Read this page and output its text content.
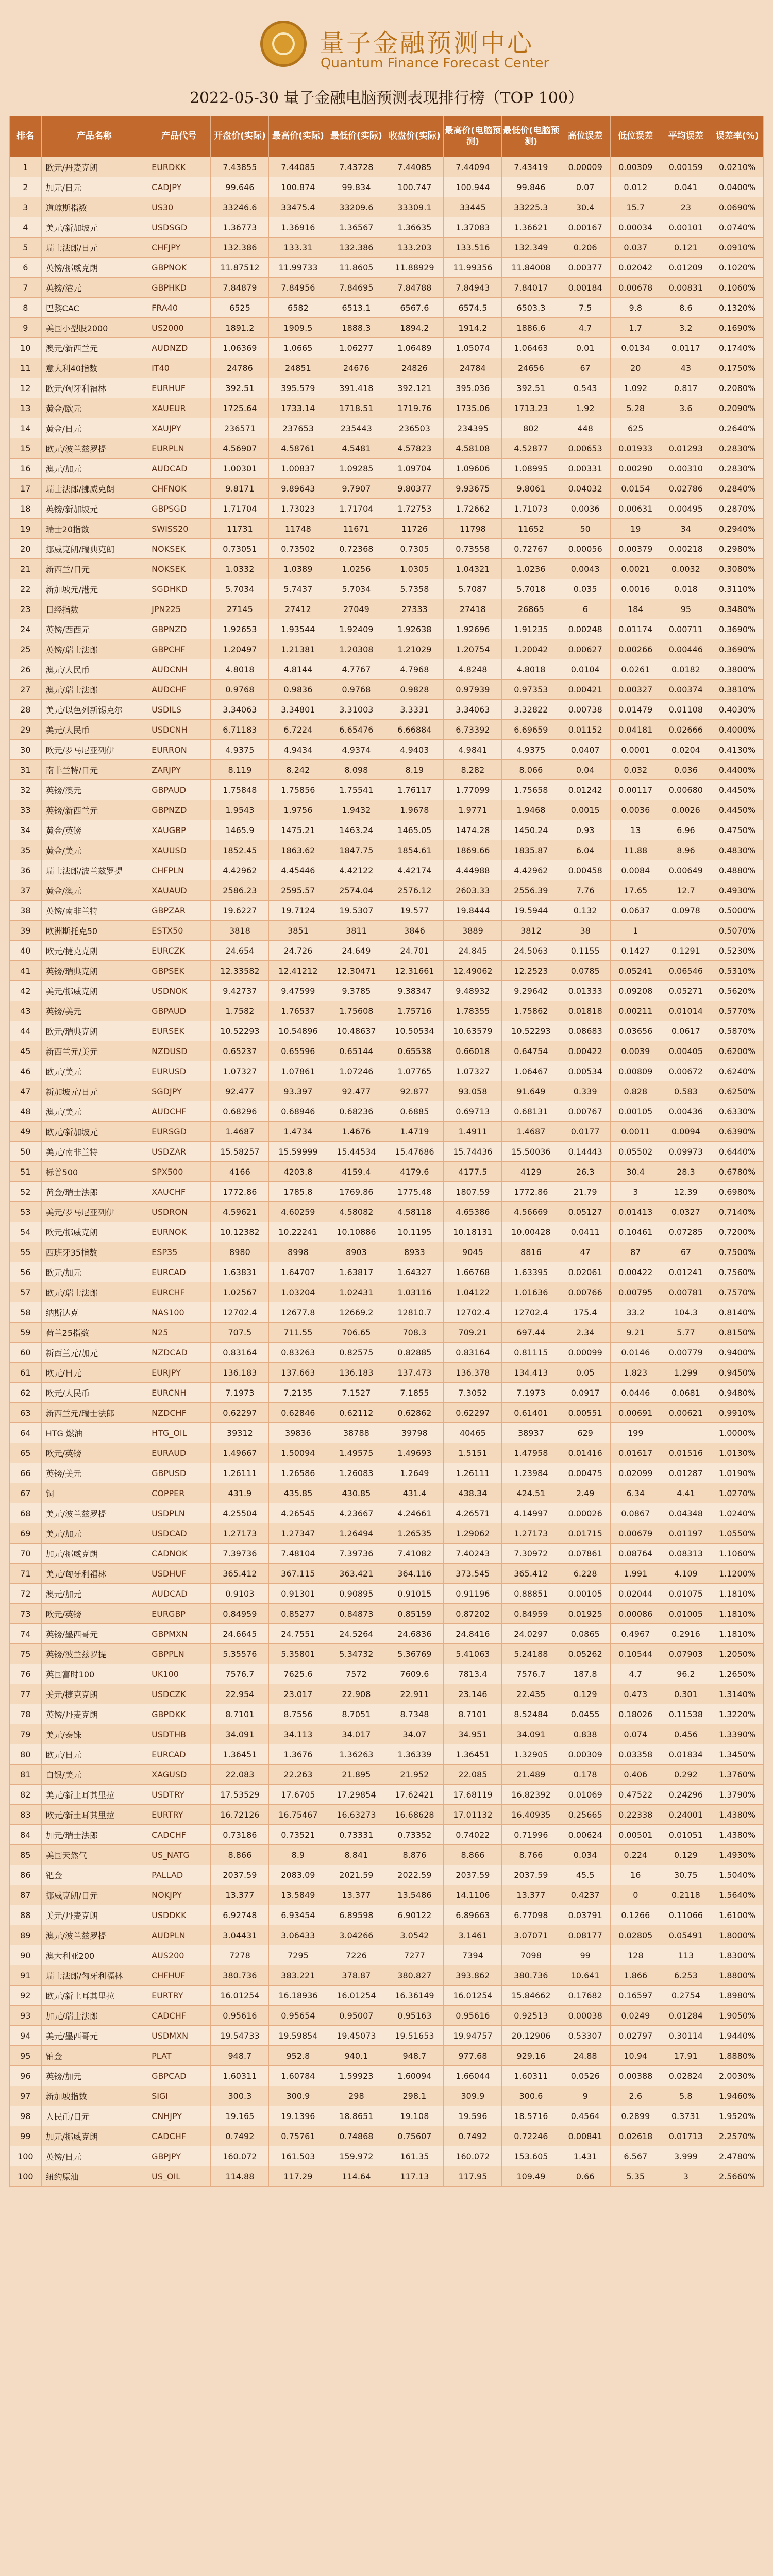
量子金融预测中心
Quantum Finance Forecast Center
2022-05-30 量子金融电脑预测表现排行榜（TOP 100）
排名	产品名称	产品代号	开盘价(实际)	最高价(实际)	最低价(实际)	收盘价(实际)	最高价(电脑预测)	最低价(电脑预测)	高位误差	低位误差	平均误差	误差率(%)
1	欧元/丹麦克朗	EURDKK	7.43855	7.44085	7.43728	7.44085	7.44094	7.43419	0.00009	0.00309	0.00159	0.0210%
2	加元/日元	CADJPY	99.646	100.874	99.834	100.747	100.944	99.846	0.07	0.012	0.041	0.0400%
3	道琼斯指数	US30	33246.6	33475.4	33209.6	33309.1	33445	33225.3	30.4	15.7	23	0.0690%
4	美元/新加坡元	USDSGD	1.36773	1.36916	1.36567	1.36635	1.37083	1.36621	0.00167	0.00034	0.00101	0.0740%
5	瑞士法郎/日元	CHFJPY	132.386	133.31	132.386	133.203	133.516	132.349	0.206	0.037	0.121	0.0910%
6	英镑/挪威克朗	GBPNOK	11.87512	11.99733	11.8605	11.88929	11.99356	11.84008	0.00377	0.02042	0.01209	0.1020%
7	英镑/港元	GBPHKD	7.84879	7.84956	7.84695	7.84788	7.84943	7.84017	0.00184	0.00678	0.00831	0.1060%
8	巴黎CAC	FRA40	6525	6582	6513.1	6567.6	6574.5	6503.3	7.5	9.8	8.6	0.1320%
9	美国小型股2000	US2000	1891.2	1909.5	1888.3	1894.2	1914.2	1886.6	4.7	1.7	3.2	0.1690%
10	澳元/新西兰元	AUDNZD	1.06369	1.0665	1.06277	1.06489	1.05074	1.06463	0.01	0.0134	0.0117	0.1740%
11	意大利40指数	IT40	24786	24851	24676	24826	24784	24656	67	20	43	0.1750%
12	欧元/匈牙利福林	EURHUF	392.51	395.579	391.418	392.121	395.036	392.51	0.543	1.092	0.817	0.2080%
13	黄金/欧元	XAUEUR	1725.64	1733.14	1718.51	1719.76	1735.06	1713.23	1.92	5.28	3.6	0.2090%
14	黄金/日元	XAUJPY	236571	237653	235443	236503	234395	802	448	625		0.2640%
15	欧元/波兰兹罗提	EURPLN	4.56907	4.58761	4.5481	4.57823	4.58108	4.52877	0.00653	0.01933	0.01293	0.2830%
16	澳元/加元	AUDCAD	1.00301	1.00837	1.09285	1.09704	1.09606	1.08995	0.00331	0.00290	0.00310	0.2830%
17	瑞士法郎/挪威克朗	CHFNOK	9.8171	9.89643	9.7907	9.80377	9.93675	9.8061	0.04032	0.0154	0.02786	0.2840%
18	英镑/新加坡元	GBPSGD	1.71704	1.73023	1.71704	1.72753	1.72662	1.71073	0.0036	0.00631	0.00495	0.2870%
19	瑞士20指数	SWISS20	11731	11748	11671	11726	11798	11652	50	19	34	0.2940%
20	挪威克朗/瑞典克朗	NOKSEK	0.73051	0.73502	0.72368	0.7305	0.73558	0.72767	0.00056	0.00379	0.00218	0.2980%
21	新西兰/日元	NOKSEK	1.0332	1.0389	1.0256	1.0305	1.04321	1.0236	0.0043	0.0021	0.0032	0.3080%
22	新加坡元/港元	SGDHKD	5.7034	5.7437	5.7034	5.7358	5.7087	5.7018	0.035	0.0016	0.018	0.3110%
23	日经指数	JPN225	27145	27412	27049	27333	27418	26865	6	184	95	0.3480%
24	英镑/西西元	GBPNZD	1.92653	1.93544	1.92409	1.92638	1.92696	1.91235	0.00248	0.01174	0.00711	0.3690%
25	英镑/瑞士法郎	GBPCHF	1.20497	1.21381	1.20308	1.21029	1.20754	1.20042	0.00627	0.00266	0.00446	0.3690%
26	澳元/人民币	AUDCNH	4.8018	4.8144	4.7767	4.7968	4.8248	4.8018	0.0104	0.0261	0.0182	0.3800%
27	澳元/瑞士法郎	AUDCHF	0.9768	0.9836	0.9768	0.9828	0.97939	0.97353	0.00421	0.00327	0.00374	0.3810%
28	美元/以色列新锡克尔	USDILS	3.34063	3.34801	3.31003	3.3331	3.34063	3.32822	0.00738	0.01479	0.01108	0.4030%
29	美元/人民币	USDCNH	6.71183	6.7224	6.65476	6.66884	6.73392	6.69659	0.01152	0.04181	0.02666	0.4000%
30	欧元/罗马尼亚列伊	EURRON	4.9375	4.9434	4.9374	4.9403	4.9841	4.9375	0.0407	0.0001	0.0204	0.4130%
31	南非兰特/日元	ZARJPY	8.119	8.242	8.098	8.19	8.282	8.066	0.04	0.032	0.036	0.4400%
32	英镑/澳元	GBPAUD	1.75848	1.75856	1.75541	1.76117	1.77099	1.75658	0.01242	0.00117	0.00680	0.4450%
33	英镑/新西兰元	GBPNZD	1.9543	1.9756	1.9432	1.9678	1.9771	1.9468	0.0015	0.0036	0.0026	0.4450%
34	黄金/英镑	XAUGBP	1465.9	1475.21	1463.24	1465.05	1474.28	1450.24	0.93	13	6.96	0.4750%
35	黄金/美元	XAUUSD	1852.45	1863.62	1847.75	1854.61	1869.66	1835.87	6.04	11.88	8.96	0.4830%
36	瑞士法郎/波兰兹罗提	CHFPLN	4.42962	4.45446	4.42122	4.42174	4.44988	4.42962	0.00458	0.0084	0.00649	0.4880%
37	黄金/澳元	XAUAUD	2586.23	2595.57	2574.04	2576.12	2603.33	2556.39	7.76	17.65	12.7	0.4930%
38	英镑/南非兰特	GBPZAR	19.6227	19.7124	19.5307	19.577	19.8444	19.5944	0.132	0.0637	0.0978	0.5000%
39	欧洲斯托克50	ESTX50	3818	3851	3811	3846	3889	3812	38	1		0.5070%
40	欧元/捷克克朗	EURCZK	24.654	24.726	24.649	24.701	24.845	24.5063	0.1155	0.1427	0.1291	0.5230%
41	英镑/瑞典克朗	GBPSEK	12.33582	12.41212	12.30471	12.31661	12.49062	12.2523	0.0785	0.05241	0.06546	0.5310%
42	美元/挪威克朗	USDNOK	9.42737	9.47599	9.3785	9.38347	9.48932	9.29642	0.01333	0.09208	0.05271	0.5620%
43	英镑/美元	GBPAUD	1.7582	1.76537	1.75608	1.75716	1.78355	1.75862	0.01818	0.00211	0.01014	0.5770%
44	欧元/瑞典克朗	EURSEK	10.52293	10.54896	10.48637	10.50534	10.63579	10.52293	0.08683	0.03656	0.0617	0.5870%
45	新西兰元/美元	NZDUSD	0.65237	0.65596	0.65144	0.65538	0.66018	0.64754	0.00422	0.0039	0.00405	0.6200%
46	欧元/美元	EURUSD	1.07327	1.07861	1.07246	1.07765	1.07327	1.06467	0.00534	0.00809	0.00672	0.6240%
47	新加坡元/日元	SGDJPY	92.477	93.397	92.477	92.877	93.058	91.649	0.339	0.828	0.583	0.6250%
48	澳元/美元	AUDCHF	0.68296	0.68946	0.68236	0.6885	0.69713	0.68131	0.00767	0.00105	0.00436	0.6330%
49	欧元/新加坡元	EURSGD	1.4687	1.4734	1.4676	1.4719	1.4911	1.4687	0.0177	0.0011	0.0094	0.6390%
50	美元/南非兰特	USDZAR	15.58257	15.59999	15.44534	15.47686	15.74436	15.50036	0.14443	0.05502	0.09973	0.6440%
51	标普500	SPX500	4166	4203.8	4159.4	4179.6	4177.5	4129	26.3	30.4	28.3	0.6780%
52	黄金/瑞士法郎	XAUCHF	1772.86	1785.8	1769.86	1775.48	1807.59	1772.86	21.79	3	12.39	0.6980%
53	美元/罗马尼亚列伊	USDRON	4.59621	4.60259	4.58082	4.58118	4.65386	4.56669	0.05127	0.01413	0.0327	0.7140%
54	欧元/挪威克朗	EURNOK	10.12382	10.22241	10.10886	10.1195	10.18131	10.00428	0.0411	0.10461	0.07285	0.7200%
55	西班牙35指数	ESP35	8980	8998	8903	8933	9045	8816	47	87	67	0.7500%
56	欧元/加元	EURCAD	1.63831	1.64707	1.63817	1.64327	1.66768	1.63395	0.02061	0.00422	0.01241	0.7560%
57	欧元/瑞士法郎	EURCHF	1.02567	1.03204	1.02431	1.03116	1.04122	1.01636	0.00766	0.00795	0.00781	0.7570%
58	纳斯达克	NAS100	12702.4	12677.8	12669.2	12810.7	12702.4	12702.4	175.4	33.2	104.3	0.8140%
59	荷兰25指数	N25	707.5	711.55	706.65	708.3	709.21	697.44	2.34	9.21	5.77	0.8150%
60	新西兰元/加元	NZDCAD	0.83164	0.83263	0.82575	0.82885	0.83164	0.81115	0.00099	0.0146	0.00779	0.9400%
61	欧元/日元	EURJPY	136.183	137.663	136.183	137.473	136.378	134.413	0.05	1.823	1.299	0.9450%
62	欧元/人民币	EURCNH	7.1973	7.2135	7.1527	7.1855	7.3052	7.1973	0.0917	0.0446	0.0681	0.9480%
63	新西兰元/瑞士法郎	NZDCHF	0.62297	0.62846	0.62112	0.62862	0.62297	0.61401	0.00551	0.00691	0.00621	0.9910%
64	HTG 燃油	HTG_OIL	39312	39836	38788	39798	40465	38937	629	199		1.0000%
65	欧元/英镑	EURAUD	1.49667	1.50094	1.49575	1.49693	1.5151	1.47958	0.01416	0.01617	0.01516	1.0130%
66	英镑/美元	GBPUSD	1.26111	1.26586	1.26083	1.2649	1.26111	1.23984	0.00475	0.02099	0.01287	1.0190%
67	铜	COPPER	431.9	435.85	430.85	431.4	438.34	424.51	2.49	6.34	4.41	1.0270%
68	美元/波兰兹罗提	USDPLN	4.25504	4.26545	4.23667	4.24661	4.26571	4.14997	0.00026	0.0867	0.04348	1.0240%
69	美元/加元	USDCAD	1.27173	1.27347	1.26494	1.26535	1.29062	1.27173	0.01715	0.00679	0.01197	1.0550%
70	加元/挪威克朗	CADNOK	7.39736	7.48104	7.39736	7.41082	7.40243	7.30972	0.07861	0.08764	0.08313	1.1060%
71	美元/匈牙利福林	USDHUF	365.412	367.115	363.421	364.116	373.545	365.412	6.228	1.991	4.109	1.1200%
72	澳元/加元	AUDCAD	0.9103	0.91301	0.90895	0.91015	0.91196	0.88851	0.00105	0.02044	0.01075	1.1810%
73	欧元/英镑	EURGBP	0.84959	0.85277	0.84873	0.85159	0.87202	0.84959	0.01925	0.00086	0.01005	1.1810%
74	英镑/墨西哥元	GBPMXN	24.6645	24.7551	24.5264	24.6836	24.8416	24.0297	0.0865	0.4967	0.2916	1.1810%
75	英镑/波兰兹罗提	GBPPLN	5.35576	5.35801	5.34732	5.36769	5.41063	5.24188	0.05262	0.10544	0.07903	1.2050%
76	英国富时100	UK100	7576.7	7625.6	7572	7609.6	7813.4	7576.7	187.8	4.7	96.2	1.2650%
77	美元/捷克克朗	USDCZK	22.954	23.017	22.908	22.911	23.146	22.435	0.129	0.473	0.301	1.3140%
78	英镑/丹麦克朗	GBPDKK	8.7101	8.7556	8.7051	8.7348	8.7101	8.52484	0.0455	0.18026	0.11538	1.3220%
79	美元/泰铢	USDTHB	34.091	34.113	34.017	34.07	34.951	34.091	0.838	0.074	0.456	1.3390%
80	欧元/日元	EURCAD	1.36451	1.3676	1.36263	1.36339	1.36451	1.32905	0.00309	0.03358	0.01834	1.3450%
81	白银/美元	XAGUSD	22.083	22.263	21.895	21.952	22.085	21.489	0.178	0.406	0.292	1.3760%
82	美元/新土耳其里拉	USDTRY	17.53529	17.6705	17.29854	17.62421	17.68119	16.82392	0.01069	0.47522	0.24296	1.3790%
83	欧元/新土耳其里拉	EURTRY	16.72126	16.75467	16.63273	16.68628	17.01132	16.40935	0.25665	0.22338	0.24001	1.4380%
84	加元/瑞士法郎	CADCHF	0.73186	0.73521	0.73331	0.73352	0.74022	0.71996	0.00624	0.00501	0.01051	1.4380%
85	美国天然气	US_NATG	8.866	8.9	8.841	8.876	8.866	8.766	0.034	0.224	0.129	1.4930%
86	钯金	PALLAD	2037.59	2083.09	2021.59	2022.59	2037.59	2037.59	45.5	16	30.75	1.5040%
87	挪威克朗/日元	NOKJPY	13.377	13.5849	13.377	13.5486	14.1106	13.377	0.4237	0	0.2118	1.5640%
88	美元/丹麦克朗	USDDKK	6.92748	6.93454	6.89598	6.90122	6.89663	6.77098	0.03791	0.1266	0.11066	1.6100%
89	澳元/波兰兹罗提	AUDPLN	3.04431	3.06433	3.04266	3.0542	3.1461	3.07071	0.08177	0.02805	0.05491	1.8000%
90	澳大利亚200	AUS200	7278	7295	7226	7277	7394	7098	99	128	113	1.8300%
91	瑞士法郎/匈牙利福林	CHFHUF	380.736	383.221	378.87	380.827	393.862	380.736	10.641	1.866	6.253	1.8800%
92	欧元/新土耳其里拉	EURTRY	16.01254	16.18936	16.01254	16.36149	16.01254	15.84662	0.17682	0.16597	0.2754	1.8980%
93	加元/瑞士法郎	CADCHF	0.95616	0.95654	0.95007	0.95163	0.95616	0.92513	0.00038	0.0249	0.01284	1.9050%
94	美元/墨西哥元	USDMXN	19.54733	19.59854	19.45073	19.51653	19.94757	20.12906	0.53307	0.02797	0.30114	1.9440%
95	铂金	PLAT	948.7	952.8	940.1	948.7	977.68	929.16	24.88	10.94	17.91	1.8880%
96	英镑/加元	GBPCAD	1.60311	1.60784	1.59923	1.60094	1.66044	1.60311	0.0526	0.00388	0.02824	2.0030%
97	新加坡指数	SIGI	300.3	300.9	298	298.1	309.9	300.6	9	2.6	5.8	1.9460%
98	人民币/日元	CNHJPY	19.165	19.1396	18.8651	19.108	19.596	18.5716	0.4564	0.2899	0.3731	1.9520%
99	加元/挪威克朗	CADCHF	0.7492	0.75761	0.74868	0.75607	0.7492	0.72246	0.00841	0.02618	0.01713	2.2570%
100	英镑/日元	GBPJPY	160.072	161.503	159.972	161.35	160.072	153.605	1.431	6.567	3.999	2.4780%
100	纽约原油	US_OIL	114.88	117.29	114.64	117.13	117.95	109.49	0.66	5.35	3	2.5660%
